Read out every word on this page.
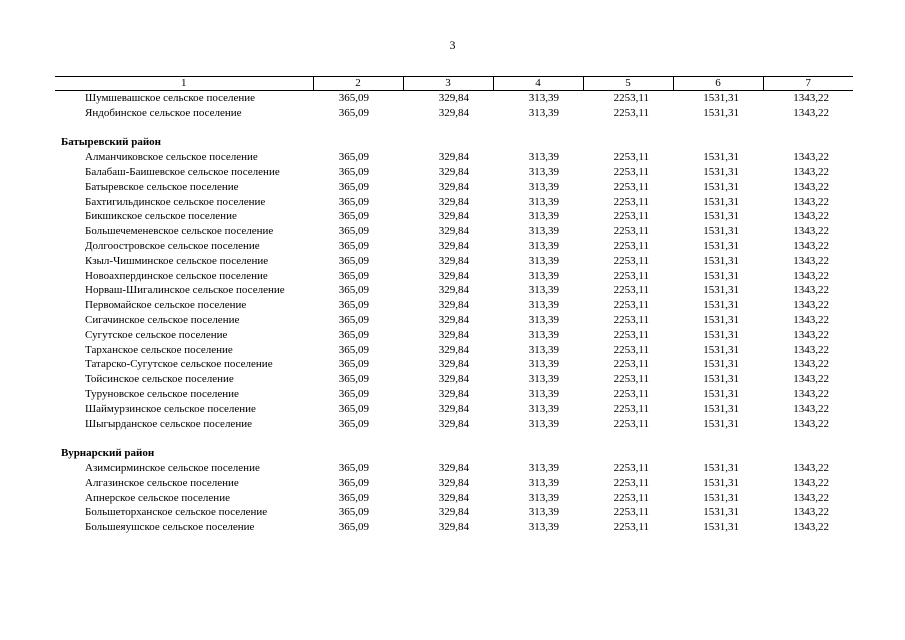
3
1	2	3	4	5	6	7
Шумшевашское сельское поселение	365,09	329,84	313,39	2253,11	1531,31	1343,22
Яндобинское сельское поселение	365,09	329,84	313,39	2253,11	1531,31	1343,22

Батыревский район						
Алманчиковское сельское поселение	365,09	329,84	313,39	2253,11	1531,31	1343,22
Балабаш-Баишевское сельское поселение	365,09	329,84	313,39	2253,11	1531,31	1343,22
Батыревское сельское поселение	365,09	329,84	313,39	2253,11	1531,31	1343,22
Бахтигильдинское сельское поселение	365,09	329,84	313,39	2253,11	1531,31	1343,22
Бикшикское сельское поселение	365,09	329,84	313,39	2253,11	1531,31	1343,22
Большечеменевское сельское поселение	365,09	329,84	313,39	2253,11	1531,31	1343,22
Долгоостровское сельское поселение	365,09	329,84	313,39	2253,11	1531,31	1343,22
Кзыл-Чишминское сельское поселение	365,09	329,84	313,39	2253,11	1531,31	1343,22
Новоахпердинское сельское поселение	365,09	329,84	313,39	2253,11	1531,31	1343,22
Норваш-Шигалинское сельское поселение	365,09	329,84	313,39	2253,11	1531,31	1343,22
Первомайское сельское поселение	365,09	329,84	313,39	2253,11	1531,31	1343,22
Сигачинское сельское поселение	365,09	329,84	313,39	2253,11	1531,31	1343,22
Сугутское сельское поселение	365,09	329,84	313,39	2253,11	1531,31	1343,22
Тарханское сельское поселение	365,09	329,84	313,39	2253,11	1531,31	1343,22
Татарско-Сугутское сельское поселение	365,09	329,84	313,39	2253,11	1531,31	1343,22
Тойсинское сельское поселение	365,09	329,84	313,39	2253,11	1531,31	1343,22
Туруновское сельское поселение	365,09	329,84	313,39	2253,11	1531,31	1343,22
Шаймурзинское сельское поселение	365,09	329,84	313,39	2253,11	1531,31	1343,22
Шыгырданское сельское поселение	365,09	329,84	313,39	2253,11	1531,31	1343,22

Вурнарский район						
Азимсирминское сельское поселение	365,09	329,84	313,39	2253,11	1531,31	1343,22
Алгазинское сельское поселение	365,09	329,84	313,39	2253,11	1531,31	1343,22
Апнерское сельское поселение	365,09	329,84	313,39	2253,11	1531,31	1343,22
Большеторханское сельское поселение	365,09	329,84	313,39	2253,11	1531,31	1343,22
Большеяушское сельское поселение	365,09	329,84	313,39	2253,11	1531,31	1343,22
